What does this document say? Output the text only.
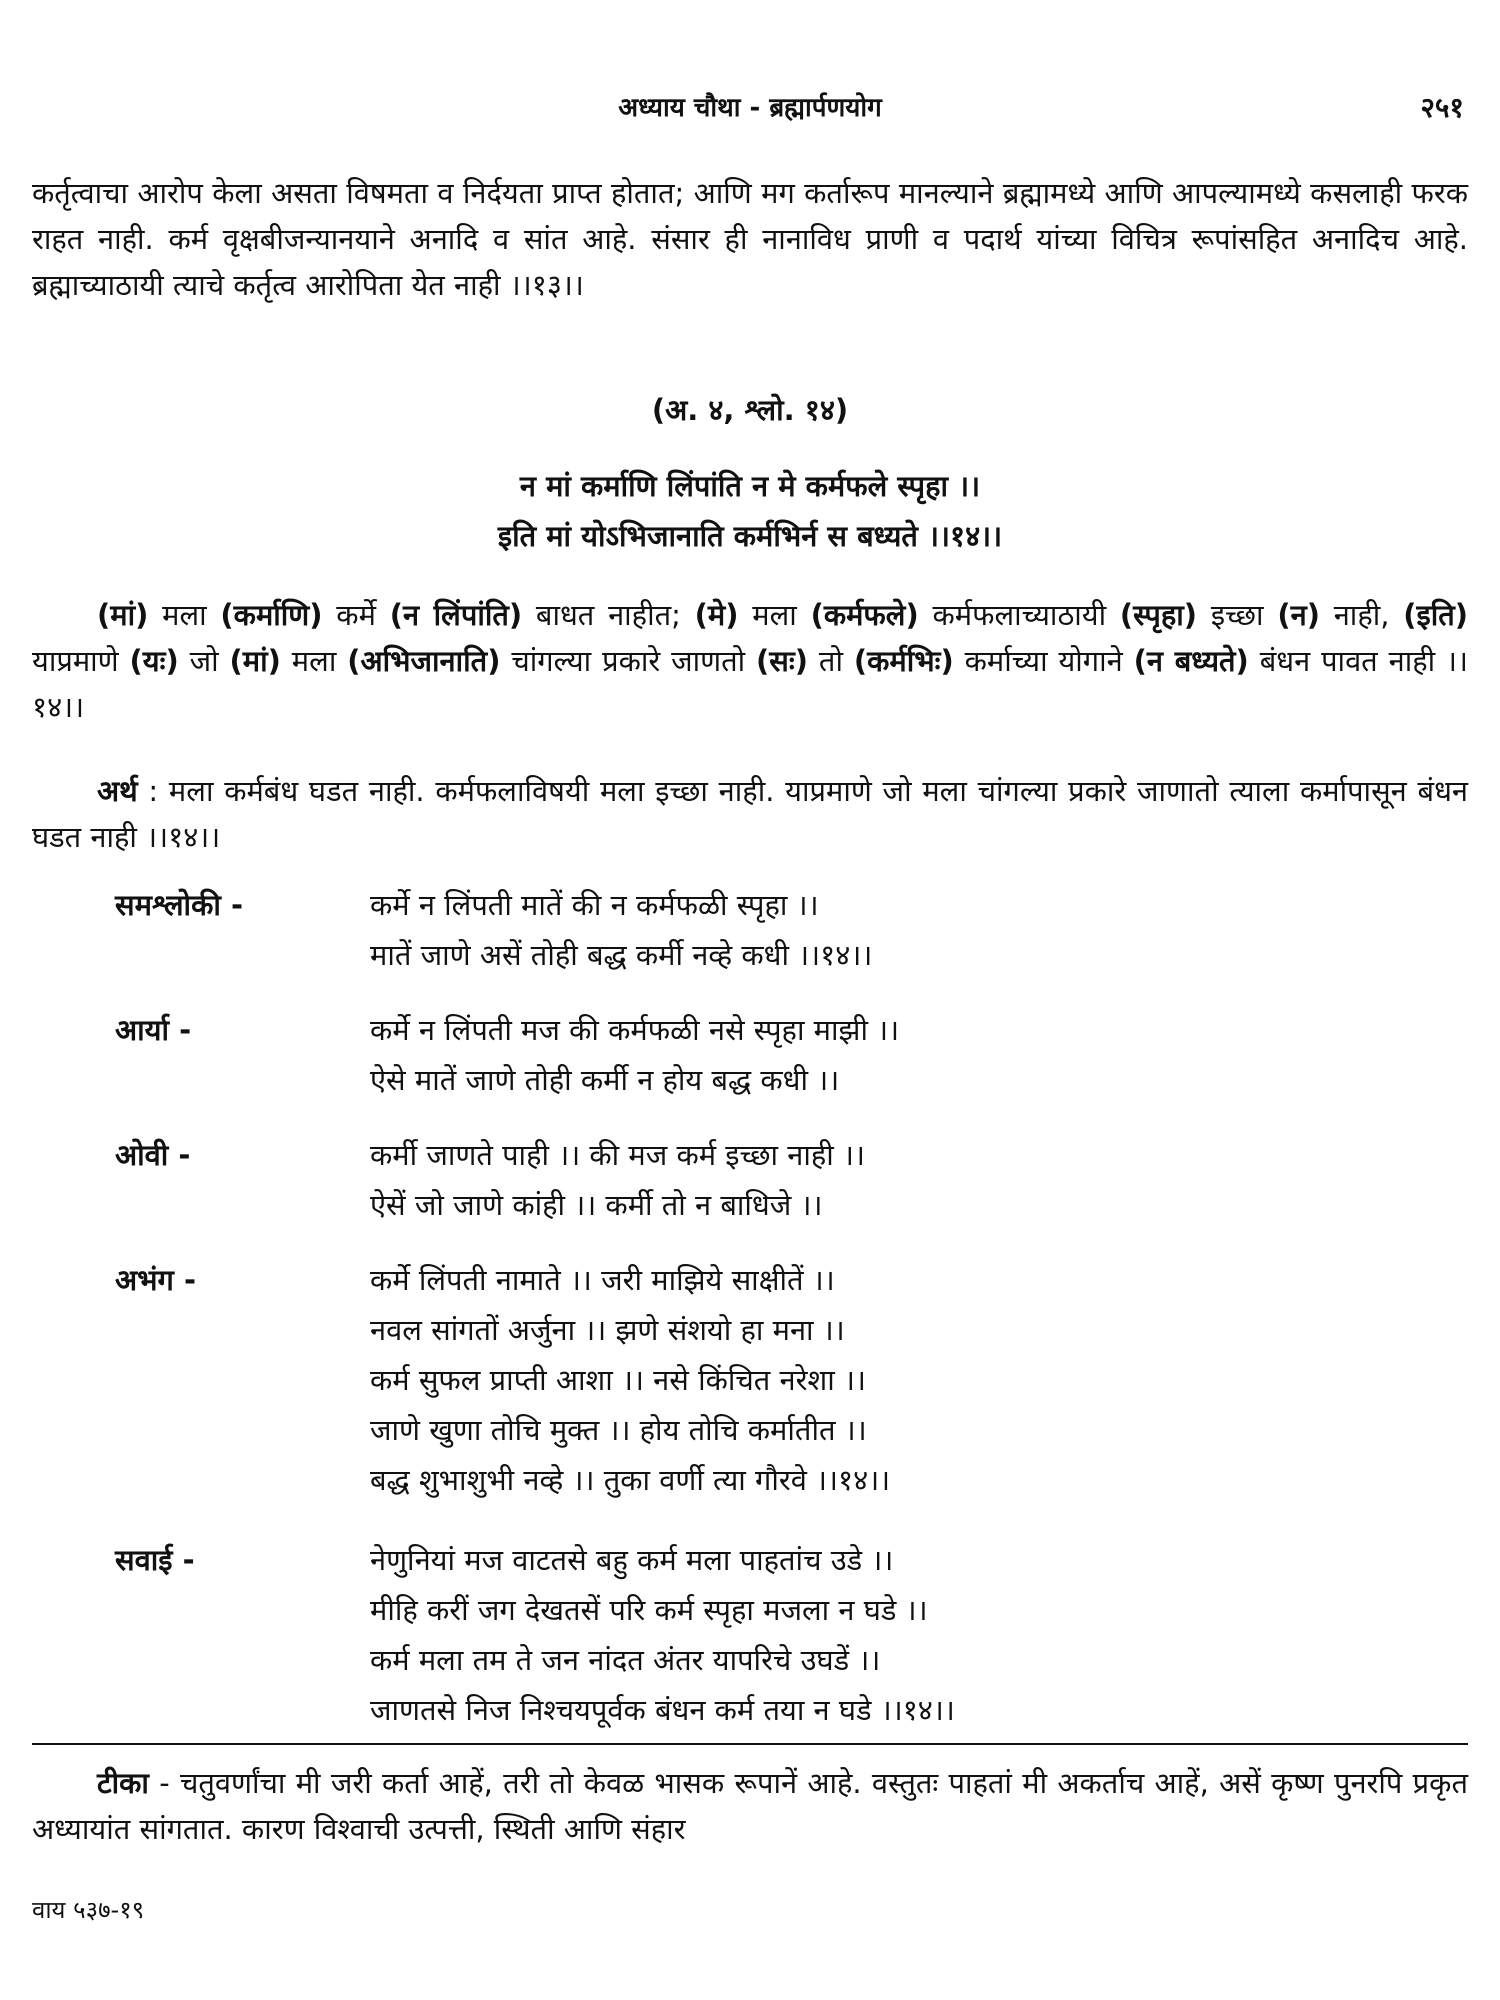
अध्याय चौथा - ब्रह्मार्पणयोग	२५१

कर्तृत्वाचा आरोप केला असता विषमता व निर्दयता प्राप्त होतात; आणि मग कर्तारूप मानल्याने ब्रह्मामध्ये आणि आपल्यामध्ये कसलाही फरक राहत नाही. कर्म वृक्षबीजन्यानयाने अनादि व सांत आहे. संसार ही नानाविध प्राणी व पदार्थ यांच्या विचित्र रूपांसहित अनादिच आहे. ब्रह्माच्याठायी त्याचे कर्तृत्व आरोपिता येत नाही ।।१३।।

(अ. ४, श्लो. १४)
न मां कर्माणि लिंपांति न मे कर्मफले स्पृहा ।।
इति मां योऽभिजानाति कर्मभिर्न स बध्यते ।।१४।।

(मां) मला (कर्माणि) कर्मे (न लिंपांति) बाधत नाहीत; (मे) मला (कर्मफले) कर्मफलाच्याठायी (स्पृहा) इच्छा (न) नाही, (इति) याप्रमाणे (यः) जो (मां) मला (अभिजानाति) चांगल्या प्रकारे जाणतो (सः) तो (कर्मभिः) कर्माच्या योगाने (न बध्यते) बंधन पावत नाही ।।१४।।

अर्थ : मला कर्मबंध घडत नाही. कर्मफलाविषयी मला इच्छा नाही. याप्रमाणे जो मला चांगल्या प्रकारे जाणातो त्याला कर्मापासून बंधन घडत नाही ।।१४।।

समश्लोकी -	कर्मे न लिंपती मातें की न कर्मफळी स्पृहा ।।
मातें जाणे असें तोही बद्ध कर्मी नव्हे कधी ।।१४।।
आर्या -	कर्मे न लिंपती मज की कर्मफळी नसे स्पृहा माझी ।।
ऐसे मातें जाणे तोही कर्मी न होय बद्ध कधी ।।
ओवी -	कर्मी जाणते पाही ।। की मज कर्म इच्छा नाही ।।
ऐसें जो जाणे कांही ।। कर्मी तो न बाधिजे ।।
अभंग -	कर्मे लिंपती नामाते ।। जरी माझिये साक्षीतें ।।
नवल सांगतों अर्जुना ।। झणे संशयो हा मना ।।
कर्म सुफल प्राप्ती आशा ।। नसे किंचित नरेशा ।।
जाणे खुणा तोचि मुक्त ।। होय तोचि कर्मातीत ।।
बद्ध शुभाशुभी नव्हे ।। तुका वर्णी त्या गौरवे ।।१४।।
सवाई -	नेणुनियां मज वाटतसे बहु कर्म मला पाहतांच उडे ।।
मीहि करीं जग देखतसें परि कर्म स्पृहा मजला न घडे ।।
कर्म मला तम ते जन नांदत अंतर यापरिचे उघडें ।।
जाणतसे निज निश्चयपूर्वक बंधन कर्म तया न घडे ।।१४।।

टीका - चतुवर्णांचा मी जरी कर्ता आहें, तरी तो केवळ भासक रूपानें आहे. वस्तुतः पाहतां मी अकर्ताच आहें, असें कृष्ण पुनरपि प्रकृत अध्यायांत सांगतात. कारण विश्वाची उत्पत्ती, स्थिती आणि संहार

वाय ५३७-१९
